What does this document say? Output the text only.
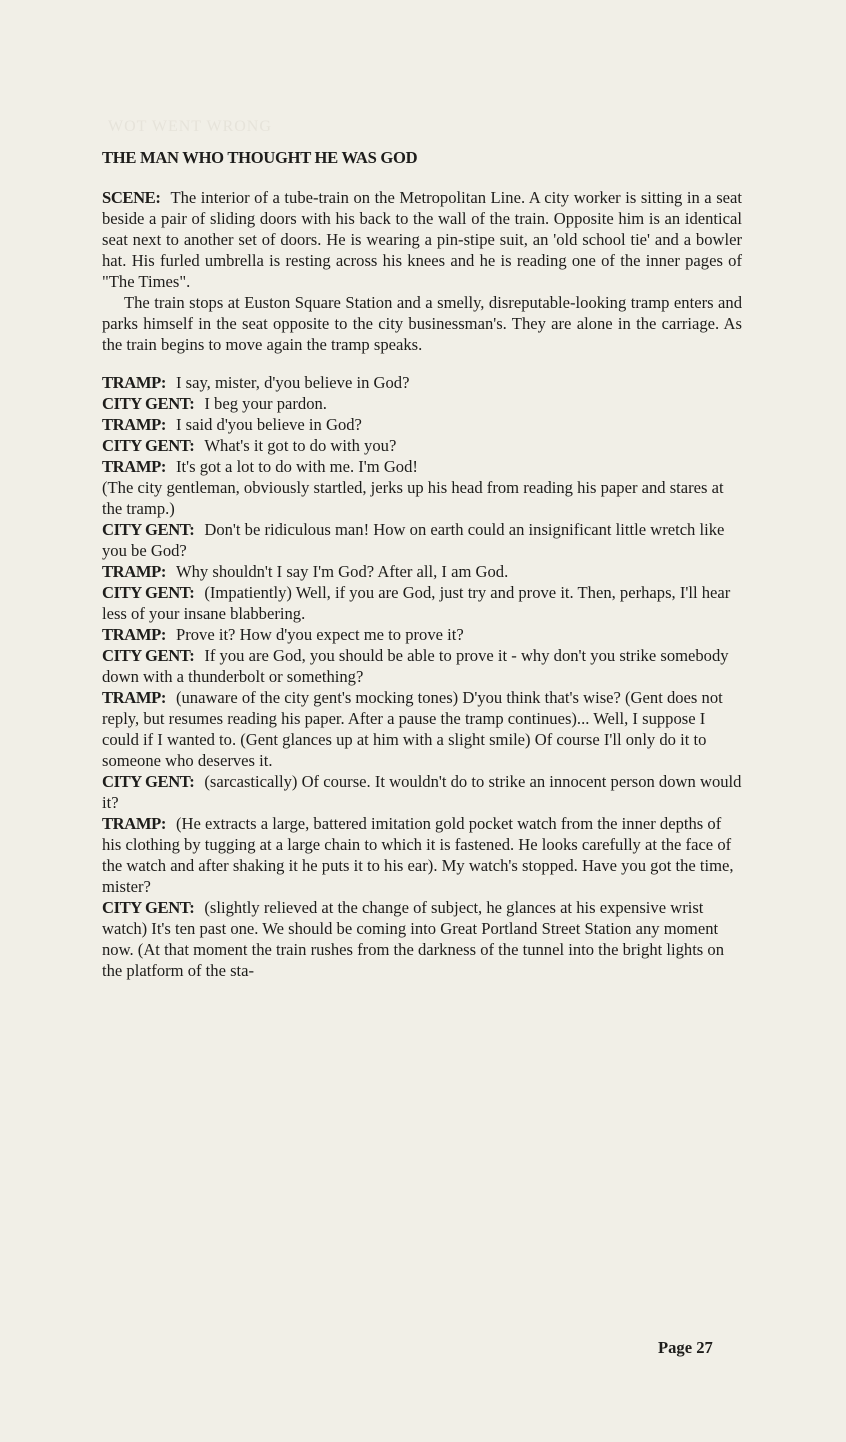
WOT WENT WRONG
THE MAN WHO THOUGHT HE WAS GOD

SCENE: The interior of a tube-train on the Metropolitan Line. A city worker is sitting in a seat beside a pair of sliding doors with his back to the wall of the train. Opposite him is an identical seat next to another set of doors. He is wearing a pin-stipe suit, an 'old school tie' and a bowler hat. His furled umbrella is resting across his knees and he is reading one of the inner pages of "The Times".

The train stops at Euston Square Station and a smelly, disreputable-looking tramp enters and parks himself in the seat opposite to the city businessman's. They are alone in the carriage. As the train begins to move again the tramp speaks.

TRAMP: I say, mister, d'you believe in God?

CITY GENT: I beg your pardon.

TRAMP: I said d'you believe in God?

CITY GENT: What's it got to do with you?

TRAMP: It's got a lot to do with me. I'm God!

(The city gentleman, obviously startled, jerks up his head from reading his paper and stares at the tramp.)

CITY GENT: Don't be ridiculous man! How on earth could an insignificant little wretch like you be God?

TRAMP: Why shouldn't I say I'm God? After all, I am God.

CITY GENT: (Impatiently) Well, if you are God, just try and prove it. Then, perhaps, I'll hear less of your insane blabbering.

TRAMP: Prove it? How d'you expect me to prove it?

CITY GENT: If you are God, you should be able to prove it - why don't you strike somebody down with a thunderbolt or something?

TRAMP: (unaware of the city gent's mocking tones) D'you think that's wise? (Gent does not reply, but resumes reading his paper. After a pause the tramp continues)... Well, I suppose I could if I wanted to. (Gent glances up at him with a slight smile) Of course I'll only do it to someone who deserves it.

CITY GENT: (sarcastically) Of course. It wouldn't do to strike an innocent person down would it?

TRAMP: (He extracts a large, battered imitation gold pocket watch from the inner depths of his clothing by tugging at a large chain to which it is fastened. He looks carefully at the face of the watch and after shaking it he puts it to his ear). My watch's stopped. Have you got the time, mister?

CITY GENT: (slightly relieved at the change of subject, he glances at his expensive wrist watch) It's ten past one. We should be coming into Great Portland Street Station any moment now. (At that moment the train rushes from the darkness of the tunnel into the bright lights on the platform of the sta-

Page 27
